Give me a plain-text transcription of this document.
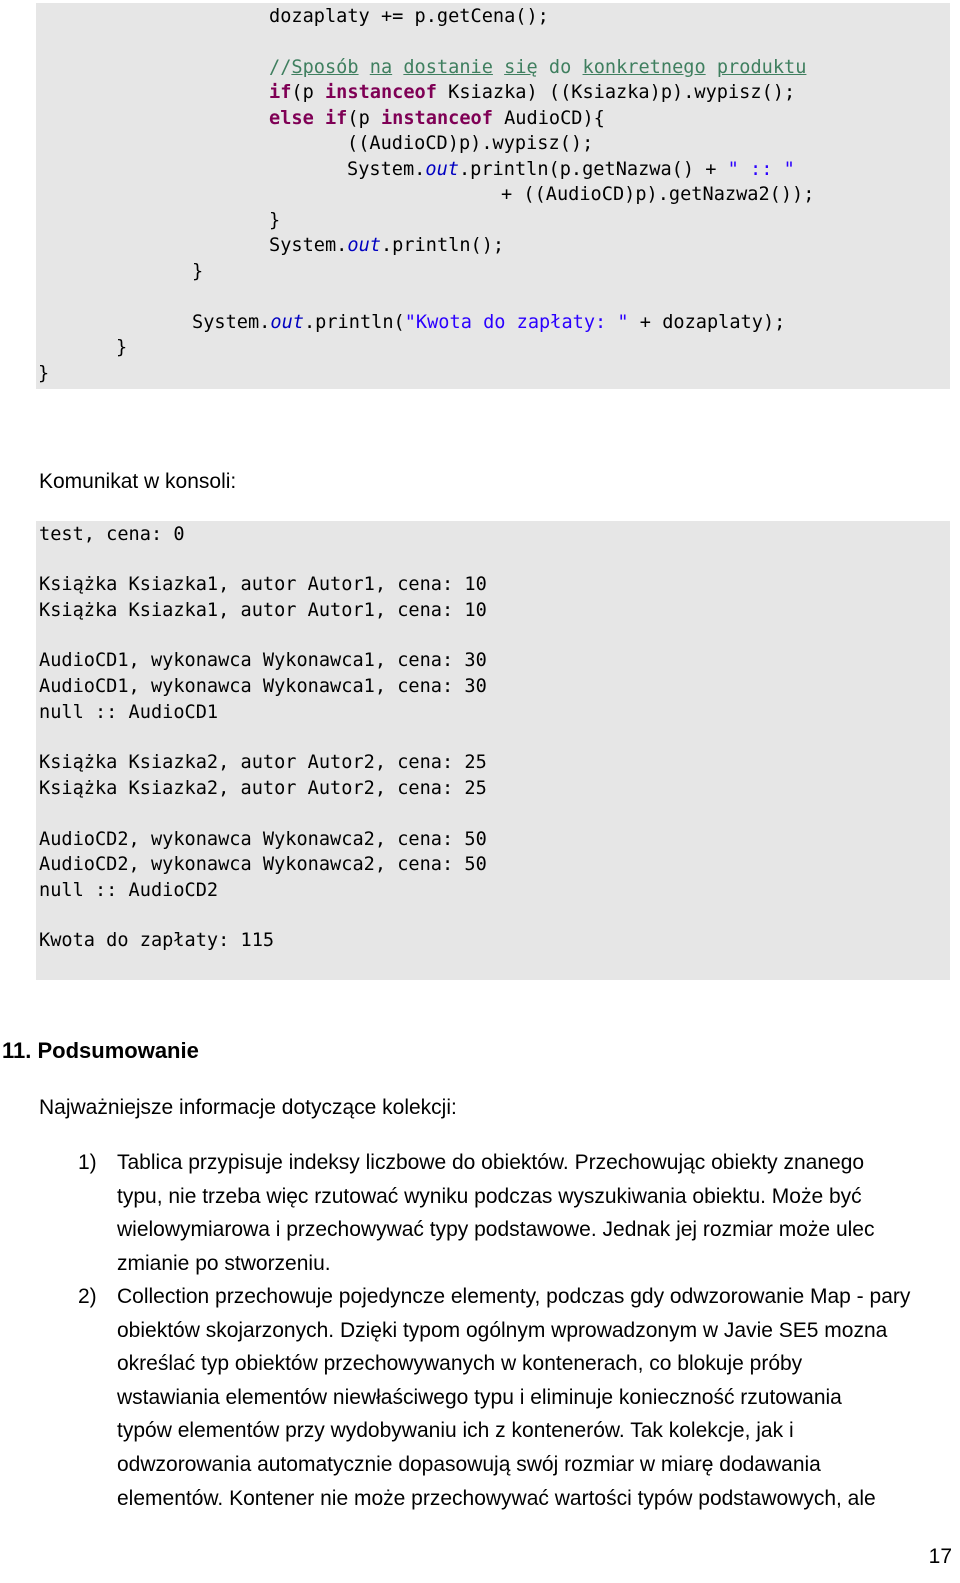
dozaplaty += p.getCena();
//Sposób na dostanie się do konkretnego produktu
if(p instanceof Ksiazka) ((Ksiazka)p).wypisz();
else if(p instanceof AudioCD){
((AudioCD)p).wypisz();
System.out.println(p.getNazwa() + " :: "
+ ((AudioCD)p).getNazwa2());
}
System.out.println();
}
System.out.println("Kwota do zapłaty: " + dozaplaty);
}
}
Komunikat w konsoli:
test, cena: 0
Książka Ksiazka1, autor Autor1, cena: 10
Książka Ksiazka1, autor Autor1, cena: 10
AudioCD1, wykonawca Wykonawca1, cena: 30
AudioCD1, wykonawca Wykonawca1, cena: 30
null :: AudioCD1
Książka Ksiazka2, autor Autor2, cena: 25
Książka Ksiazka2, autor Autor2, cena: 25
AudioCD2, wykonawca Wykonawca2, cena: 50
AudioCD2, wykonawca Wykonawca2, cena: 50
null :: AudioCD2
Kwota do zapłaty: 115
11. Podsumowanie
Najważniejsze informacje dotyczące kolekcji:
1) Tablica przypisuje indeksy liczbowe do obiektów. Przechowując obiekty znanego
typu, nie trzeba więc rzutować wyniku podczas wyszukiwania obiektu. Może być
wielowymiarowa i przechowywać typy podstawowe. Jednak jej rozmiar może ulec
zmianie po stworzeniu.
2) Collection przechowuje pojedyncze elementy, podczas gdy odwzorowanie Map - pary
obiektów skojarzonych. Dzięki typom ogólnym wprowadzonym w Javie SE5 mozna
określać typ obiektów przechowywanych w kontenerach, co blokuje próby
wstawiania elementów niewłaściwego typu i eliminuje konieczność rzutowania
typów elementów przy wydobywaniu ich z kontenerów. Tak kolekcje, jak i
odwzorowania automatycznie dopasowują swój rozmiar w miarę dodawania
elementów. Kontener nie może przechowywać wartości typów podstawowych, ale
17
